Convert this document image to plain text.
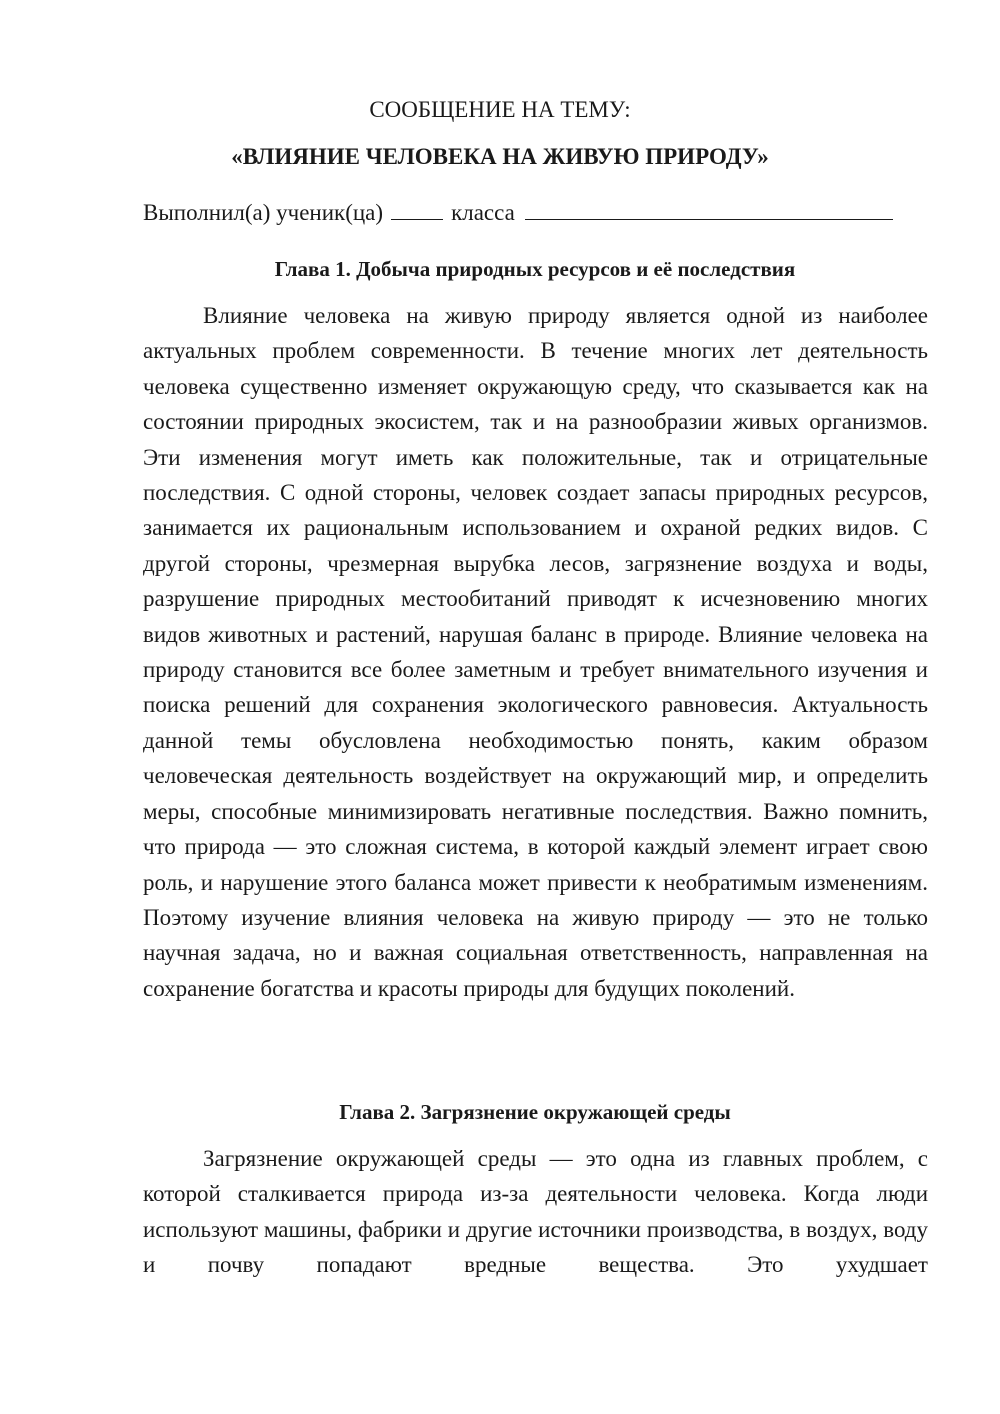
СООБЩЕНИЕ НА ТЕМУ:
«ВЛИЯНИЕ ЧЕЛОВЕКА НА ЖИВУЮ ПРИРОДУ»
Выполнил(а) ученик(ца)	класса
Глава 1. Добыча природных ресурсов и её последствия

Влияние человека на живую природу является одной из наиболее актуальных проблем современности. В течение многих лет деятельность человека существенно изменяет окружающую среду, что сказывается как на состоянии природных экосистем, так и на разнообразии живых организмов. Эти изменения могут иметь как положительные, так и отрицательные последствия. С одной стороны, человек создает запасы природных ресурсов, занимается их рациональным использованием и охраной редких видов. С другой стороны, чрезмерная вырубка лесов, загрязнение воздуха и воды, разрушение природных местообитаний приводят к исчезновению многих видов животных и растений, нарушая баланс в природе. Влияние человека на природу становится все более заметным и требует внимательного изучения и поиска решений для сохранения экологического равновесия. Актуальность данной темы обусловлена необходимостью понять, каким образом человеческая деятельность воздействует на окружающий мир, и определить меры, способные минимизировать негативные последствия. Важно помнить, что природа — это сложная система, в которой каждый элемент играет свою роль, и нарушение этого баланса может привести к необратимым изменениям. Поэтому изучение влияния человека на живую природу — это не только научная задача, но и важная социальная ответственность, направленная на сохранение богатства и красоты природы для будущих поколений.

Глава 2. Загрязнение окружающей среды

Загрязнение окружающей среды — это одна из главных проблем, с которой сталкивается природа из-за деятельности человека. Когда люди используют машины, фабрики и другие источники производства, в воздух, воду и почву попадают вредные вещества. Это ухудшает
